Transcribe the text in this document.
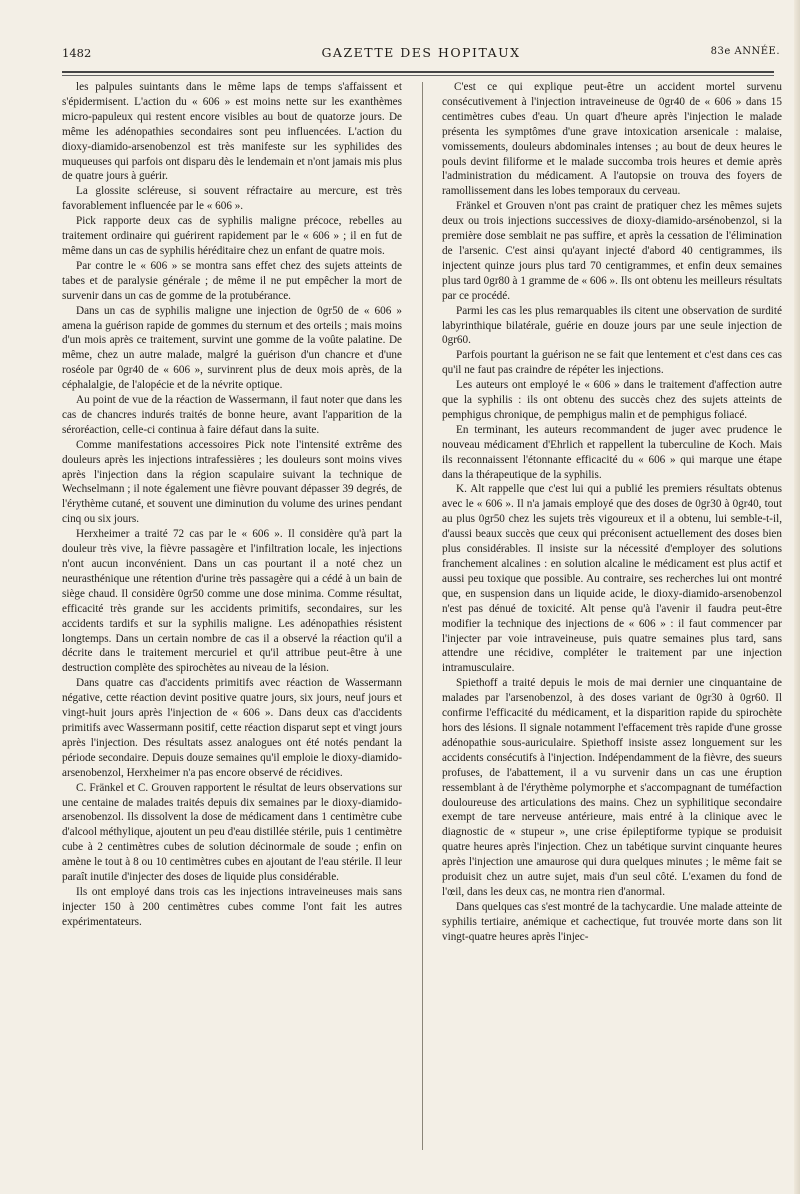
1482	GAZETTE DES HOPITAUX	83e ANNÉE.

les palpules suintants dans le même laps de temps s'affaissent et s'épidermisent. L'action du « 606 » est moins nette sur les exanthèmes micro-papuleux qui restent encore visibles au bout de quatorze jours. De même les adénopathies secondaires sont peu influencées. L'action du dioxy-diamido-arsenobenzol est très manifeste sur les syphilides des muqueuses qui parfois ont disparu dès le lendemain et n'ont jamais mis plus de quatre jours à guérir.

La glossite scléreuse, si souvent réfractaire au mercure, est très favorablement influencée par le « 606 ».

Pick rapporte deux cas de syphilis maligne précoce, rebelles au traitement ordinaire qui guérirent rapidement par le « 606 » ; il en fut de même dans un cas de syphilis héréditaire chez un enfant de quatre mois.

Par contre le « 606 » se montra sans effet chez des sujets atteints de tabes et de paralysie générale ; de même il ne put empêcher la mort de survenir dans un cas de gomme de la protubérance.

Dans un cas de syphilis maligne une injection de 0gr50 de « 606 » amena la guérison rapide de gommes du sternum et des orteils ; mais moins d'un mois après ce traitement, survint une gomme de la voûte palatine. De même, chez un autre malade, malgré la guérison d'un chancre et d'une roséole par 0gr40 de « 606 », survinrent plus de deux mois après, de la céphalalgie, de l'alopécie et de la névrite optique.

Au point de vue de la réaction de Wassermann, il faut noter que dans les cas de chancres indurés traités de bonne heure, avant l'apparition de la séroréaction, celle-ci continua à faire défaut dans la suite.

Comme manifestations accessoires Pick note l'intensité extrême des douleurs après les injections intrafessières ; les douleurs sont moins vives après l'injection dans la région scapulaire suivant la technique de Wechselmann ; il note également une fièvre pouvant dépasser 39 degrés, de l'érythème cutané, et souvent une diminution du volume des urines pendant cinq ou six jours.

Herxheimer a traité 72 cas par le « 606 ». Il considère qu'à part la douleur très vive, la fièvre passagère et l'infiltration locale, les injections n'ont aucun inconvénient. Dans un cas pourtant il a noté chez un neurasthénique une rétention d'urine très passagère qui a cédé à un bain de siège chaud. Il considère 0gr50 comme une dose minima. Comme résultat, efficacité très grande sur les accidents primitifs, secondaires, sur les accidents tardifs et sur la syphilis maligne. Les adénopathies résistent longtemps. Dans un certain nombre de cas il a observé la réaction qu'il a décrite dans le traitement mercuriel et qu'il attribue peut-être à une destruction complète des spirochètes au niveau de la lésion.

Dans quatre cas d'accidents primitifs avec réaction de Wassermann négative, cette réaction devint positive quatre jours, six jours, neuf jours et vingt-huit jours après l'injection de « 606 ». Dans deux cas d'accidents primitifs avec Wassermann positif, cette réaction disparut sept et vingt jours après l'injection. Des résultats assez analogues ont été notés pendant la période secondaire. Depuis douze semaines qu'il emploie le dioxy-diamido-arsenobenzol, Herxheimer n'a pas encore observé de récidives.

C. Fränkel et C. Grouven rapportent le résultat de leurs observations sur une centaine de malades traités depuis dix semaines par le dioxy-diamido-arsenobenzol. Ils dissolvent la dose de médicament dans 1 centimètre cube d'alcool méthylique, ajoutent un peu d'eau distillée stérile, puis 1 centimètre cube à 2 centimètres cubes de solution décinormale de soude ; enfin on amène le tout à 8 ou 10 centimètres cubes en ajoutant de l'eau stérile. Il leur paraît inutile d'injecter des doses de liquide plus considérable.

Ils ont employé dans trois cas les injections intraveineuses mais sans injecter 150 à 200 centimètres cubes comme l'ont fait les autres expérimentateurs.

C'est ce qui explique peut-être un accident mortel survenu consécutivement à l'injection intraveineuse de 0gr40 de « 606 » dans 15 centimètres cubes d'eau. Un quart d'heure après l'injection le malade présenta les symptômes d'une grave intoxication arsenicale : malaise, vomissements, douleurs abdominales intenses ; au bout de deux heures le pouls devint filiforme et le malade succomba trois heures et demie après l'administration du médicament. A l'autopsie on trouva des foyers de ramollissement dans les lobes temporaux du cerveau.

Fränkel et Grouven n'ont pas craint de pratiquer chez les mêmes sujets deux ou trois injections successives de dioxy-diamido-arsénobenzol, si la première dose semblait ne pas suffire, et après la cessation de l'élimination de l'arsenic. C'est ainsi qu'ayant injecté d'abord 40 centigrammes, ils injectent quinze jours plus tard 70 centigrammes, et enfin deux semaines plus tard 0gr80 à 1 gramme de « 606 ». Ils ont obtenu les meilleurs résultats par ce procédé.

Parmi les cas les plus remarquables ils citent une observation de surdité labyrinthique bilatérale, guérie en douze jours par une seule injection de 0gr60.

Parfois pourtant la guérison ne se fait que lentement et c'est dans ces cas qu'il ne faut pas craindre de répéter les injections.

Les auteurs ont employé le « 606 » dans le traitement d'affection autre que la syphilis : ils ont obtenu des succès chez des sujets atteints de pemphigus chronique, de pemphigus malin et de pemphigus foliacé.

En terminant, les auteurs recommandent de juger avec prudence le nouveau médicament d'Ehrlich et rappellent la tuberculine de Koch. Mais ils reconnaissent l'étonnante efficacité du « 606 » qui marque une étape dans la thérapeutique de la syphilis.

K. Alt rappelle que c'est lui qui a publié les premiers résultats obtenus avec le « 606 ». Il n'a jamais employé que des doses de 0gr30 à 0gr40, tout au plus 0gr50 chez les sujets très vigoureux et il a obtenu, lui semble-t-il, d'aussi beaux succès que ceux qui préconisent actuellement des doses bien plus considérables. Il insiste sur la nécessité d'employer des solutions franchement alcalines : en solution alcaline le médicament est plus actif et aussi peu toxique que possible. Au contraire, ses recherches lui ont montré que, en suspension dans un liquide acide, le dioxy-diamido-arsenobenzol n'est pas dénué de toxicité. Alt pense qu'à l'avenir il faudra peut-être modifier la technique des injections de « 606 » : il faut commencer par l'injecter par voie intraveineuse, puis quatre semaines plus tard, sans attendre une récidive, compléter le traitement par une injection intramusculaire.

Spiethoff a traité depuis le mois de mai dernier une cinquantaine de malades par l'arsenobenzol, à des doses variant de 0gr30 à 0gr60. Il confirme l'efficacité du médicament, et la disparition rapide du spirochète hors des lésions. Il signale notamment l'effacement très rapide d'une grosse adénopathie sous-auriculaire. Spiethoff insiste assez longuement sur les accidents consécutifs à l'injection. Indépendamment de la fièvre, des sueurs profuses, de l'abattement, il a vu survenir dans un cas une éruption ressemblant à de l'érythème polymorphe et s'accompagnant de tuméfaction douloureuse des articulations des mains. Chez un syphilitique secondaire exempt de tare nerveuse antérieure, mais entré à la clinique avec le diagnostic de « stupeur », une crise épileptiforme typique se produisit quatre heures après l'injection. Chez un tabétique survint cinquante heures après l'injection une amaurose qui dura quelques minutes ; le même fait se produisit chez un autre sujet, mais d'un seul côté. L'examen du fond de l'œil, dans les deux cas, ne montra rien d'anormal.

Dans quelques cas s'est montré de la tachycardie. Une malade atteinte de syphilis tertiaire, anémique et cachectique, fut trouvée morte dans son lit vingt-quatre heures après l'injec-
